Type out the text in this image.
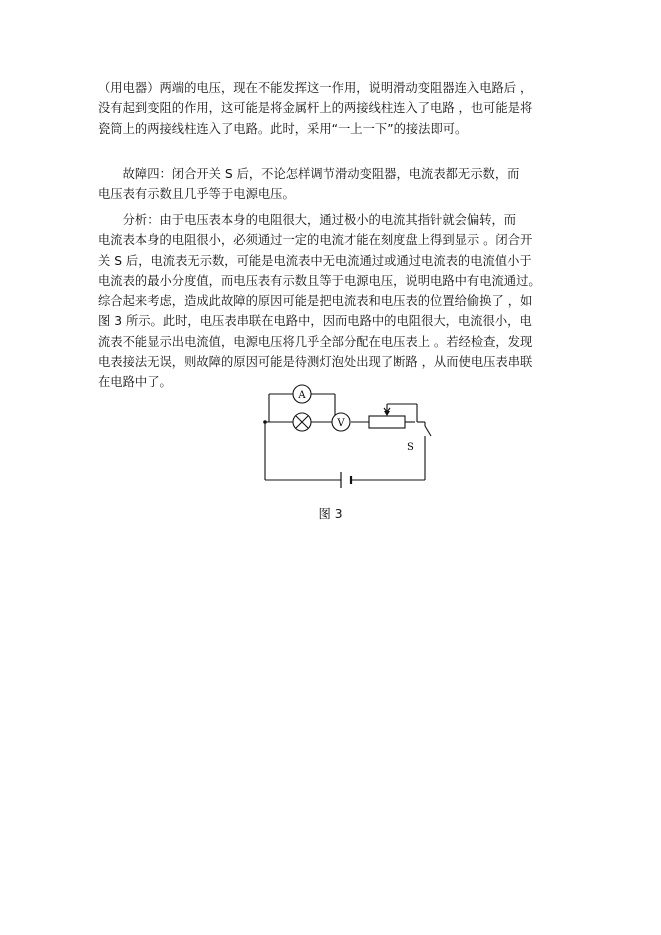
（用电器）两端的电压，现在不能发挥这一作用，说明滑动变阻器连入电路后 ，
没有起到变阻的作用，这可能是将金属杆上的两接线柱连入了电路 ，也可能是将
瓷筒上的两接线柱连入了电路。此时，采用“一上一下”的接法即可。

　　故障四：闭合开关 S 后，不论怎样调节滑动变阻器，电流表都无示数，而
电压表有示数且几乎等于电源电压。

　　分析：由于电压表本身的电阻很大，通过极小的电流其指针就会偏转，而
电流表本身的电阻很小，必须通过一定的电流才能在刻度盘上得到显示 。闭合开
关 S 后，电流表无示数，可能是电流表中无电流通过或通过电流表的电流值小于
电流表的最小分度值，而电压表有示数且等于电源电压，说明电路中有电流通过。
综合起来考虑，造成此故障的原因可能是把电流表和电压表的位置给偷换了 ，如
图 3 所示。此时，电压表串联在电路中，因而电路中的电阻很大，电流很小，电
流表不能显示出电流值，电源电压将几乎全部分配在电压表上 。若经检查，发现
电表接法无误，则故障的原因可能是待测灯泡处出现了断路 ，从而使电压表串联
在电路中了。

A
V
S
图 3
